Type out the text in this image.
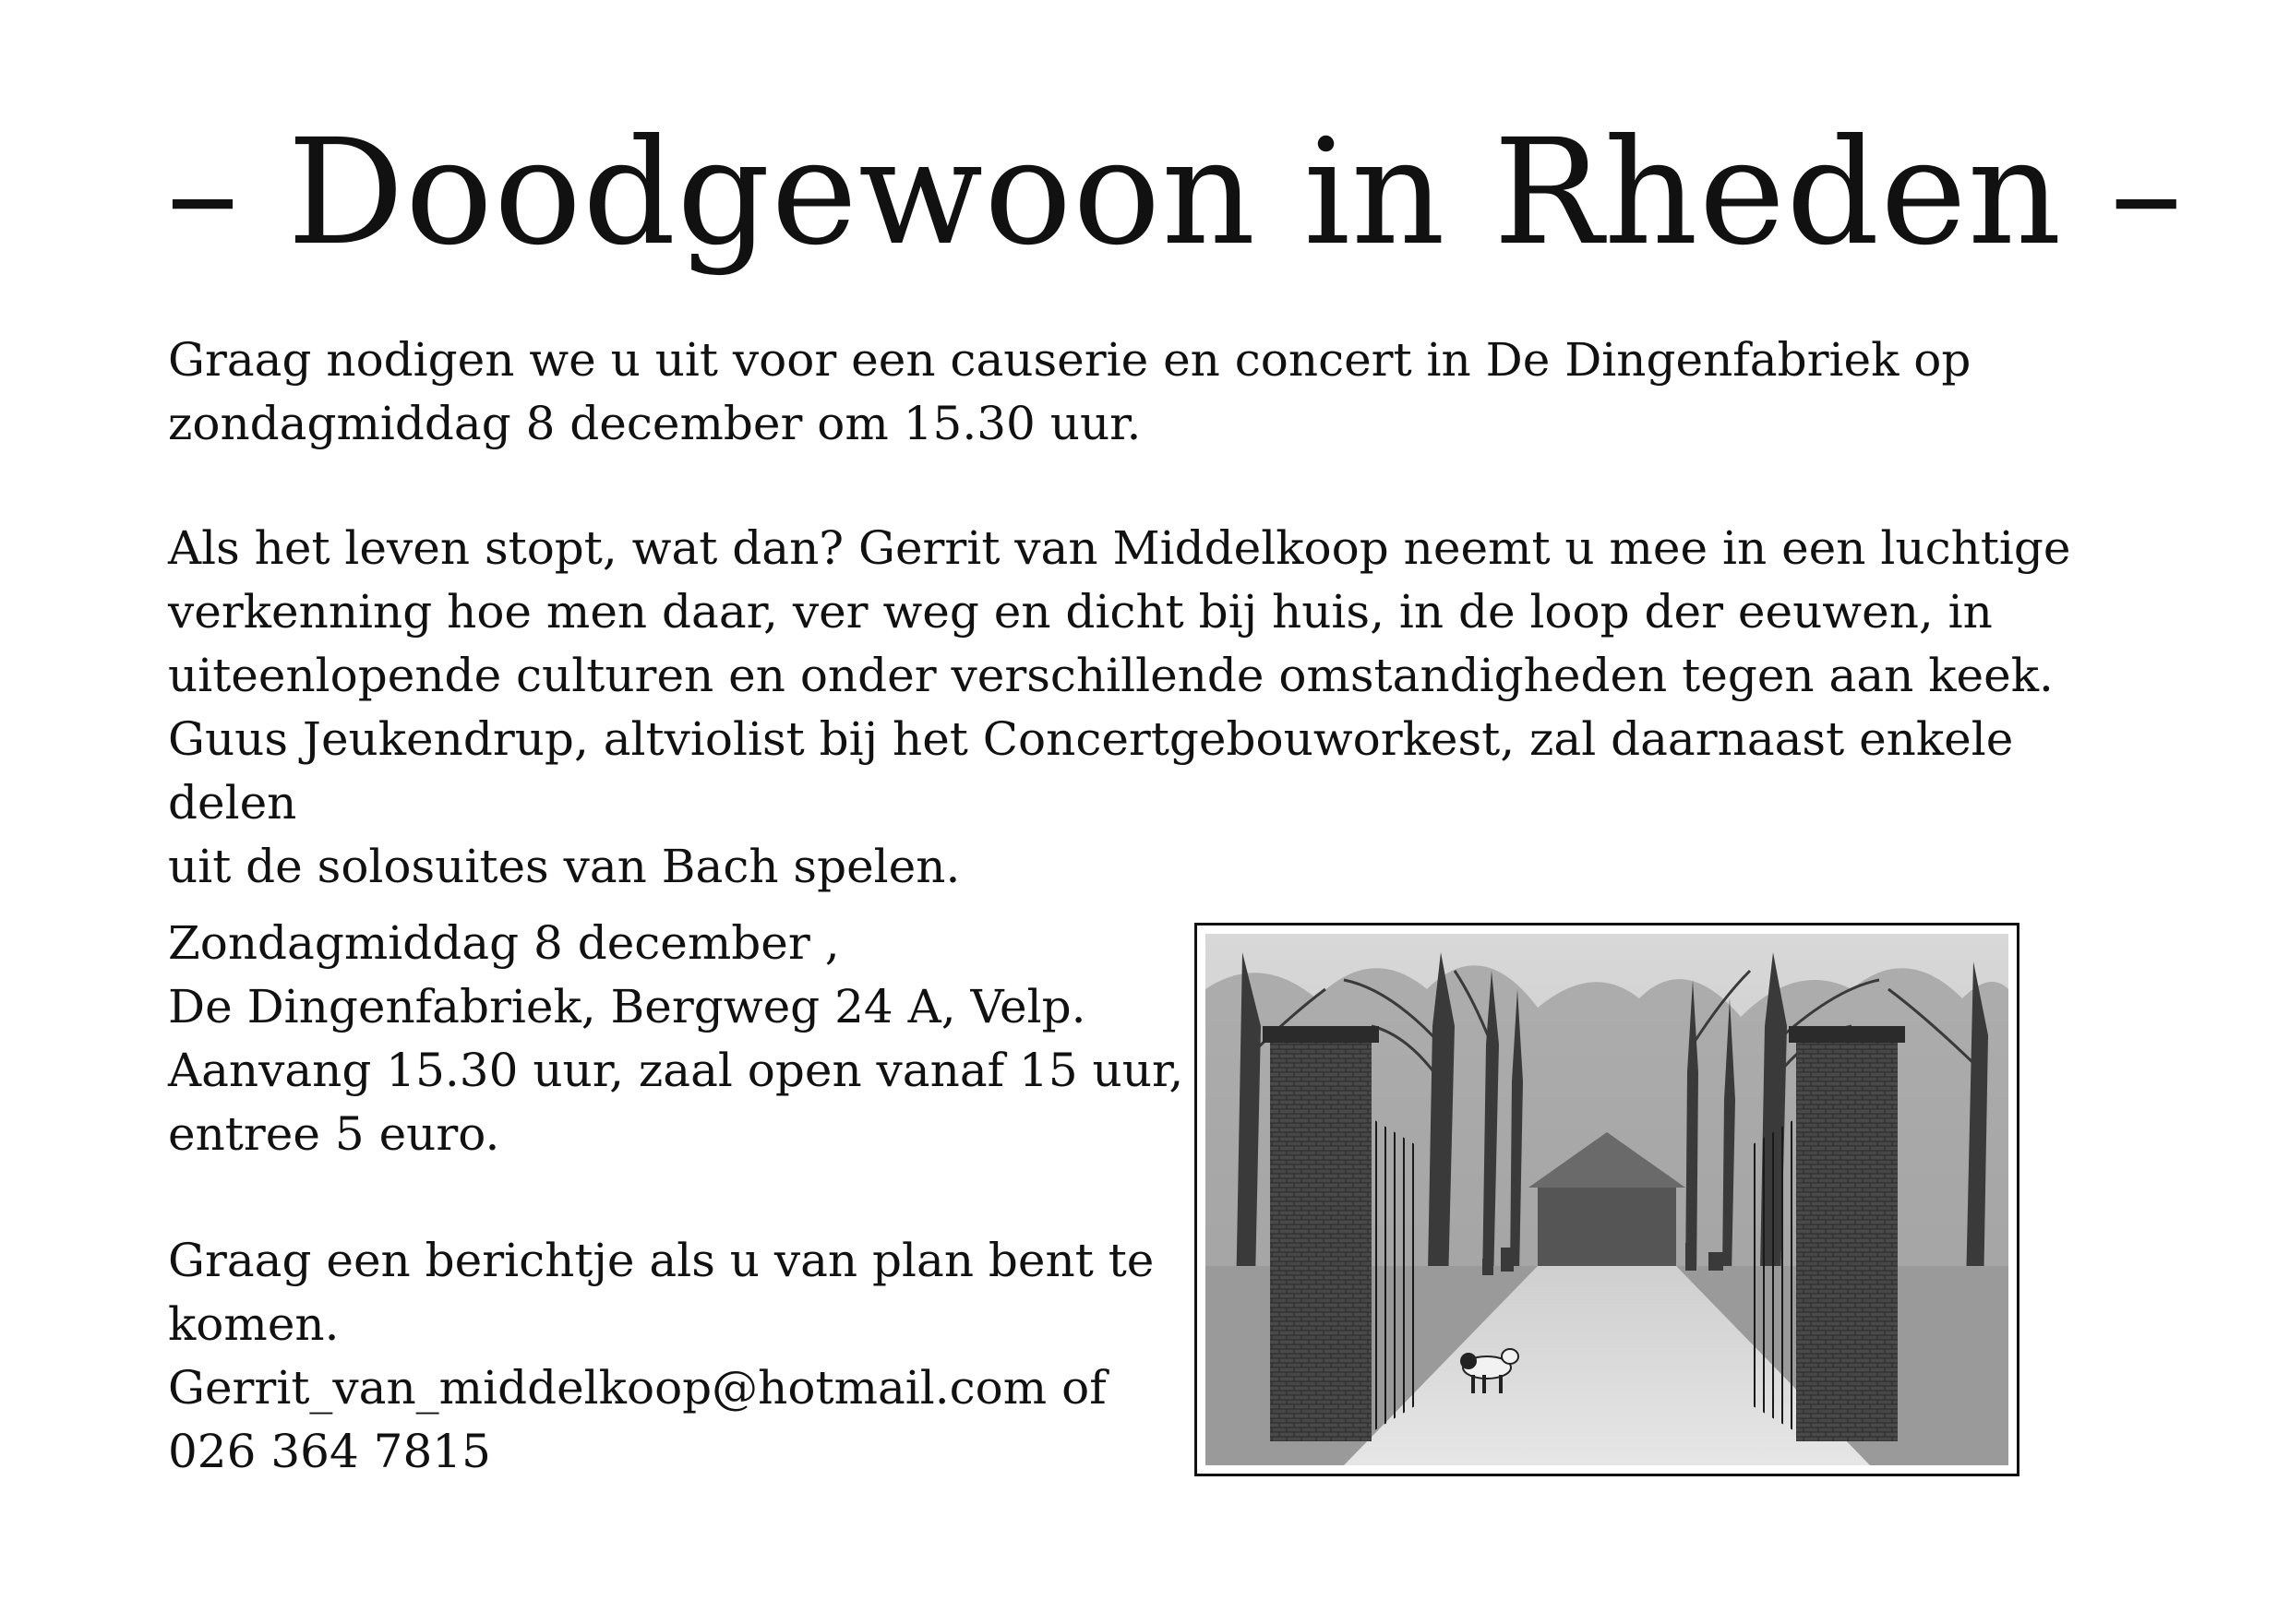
– Doodgewoon in Rheden –

Graag nodigen we u uit voor een causerie en concert in De Dingenfabriek op

zondagmiddag 8 december om 15.30 uur.

Als het leven stopt, wat dan? Gerrit van Middelkoop neemt u mee in een luchtige

verkenning hoe men daar, ver weg en dicht bij huis, in de loop der eeuwen, in

uiteenlopende culturen en onder verschillende omstandigheden tegen aan keek.

Guus Jeukendrup, altviolist bij het Concertgebouworkest, zal daarnaast enkele delen

uit de solosuites van Bach spelen.

Zondagmiddag 8 december ,

De Dingenfabriek, Bergweg 24 A, Velp.

Aanvang 15.30 uur, zaal open vanaf 15 uur,

entree 5 euro.

Graag een berichtje als u van plan bent te

komen.

Gerrit_van_middelkoop@hotmail.com of

026 364 7815
